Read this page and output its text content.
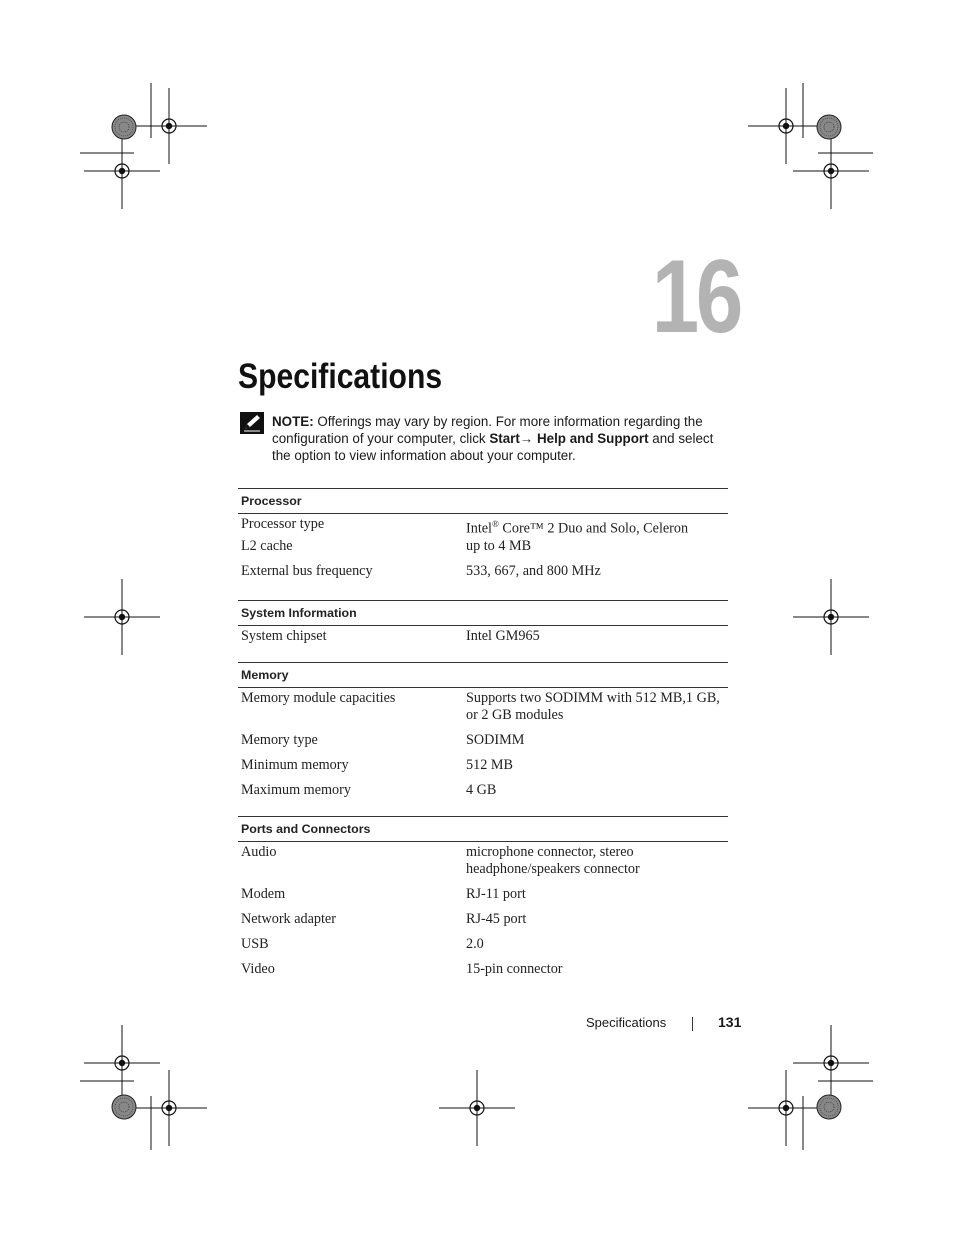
16
Specifications
NOTE: Offerings may vary by region. For more information regarding the configuration of your computer, click Start→ Help and Support and select the option to view information about your computer.
Processor	
Processor type	Intel® Core™ 2 Duo and Solo, Celeron
L2 cache	up to 4 MB
External bus frequency	533, 667, and 800 MHz
System Information
System chipset	Intel GM965
Memory	
Memory module capacities	Supports two SODIMM with 512 MB,1 GB,
or 2 GB modules

Memory type	SODIMM
Minimum memory	512 MB
Maximum memory	4 GB
Ports and Connectors	
Audio	microphone connector, stereo
headphone/speakers connector

Modem	RJ-11 port
Network adapter	RJ-45 port
USB	2.0
Video	15-pin connector
Specifications	131
